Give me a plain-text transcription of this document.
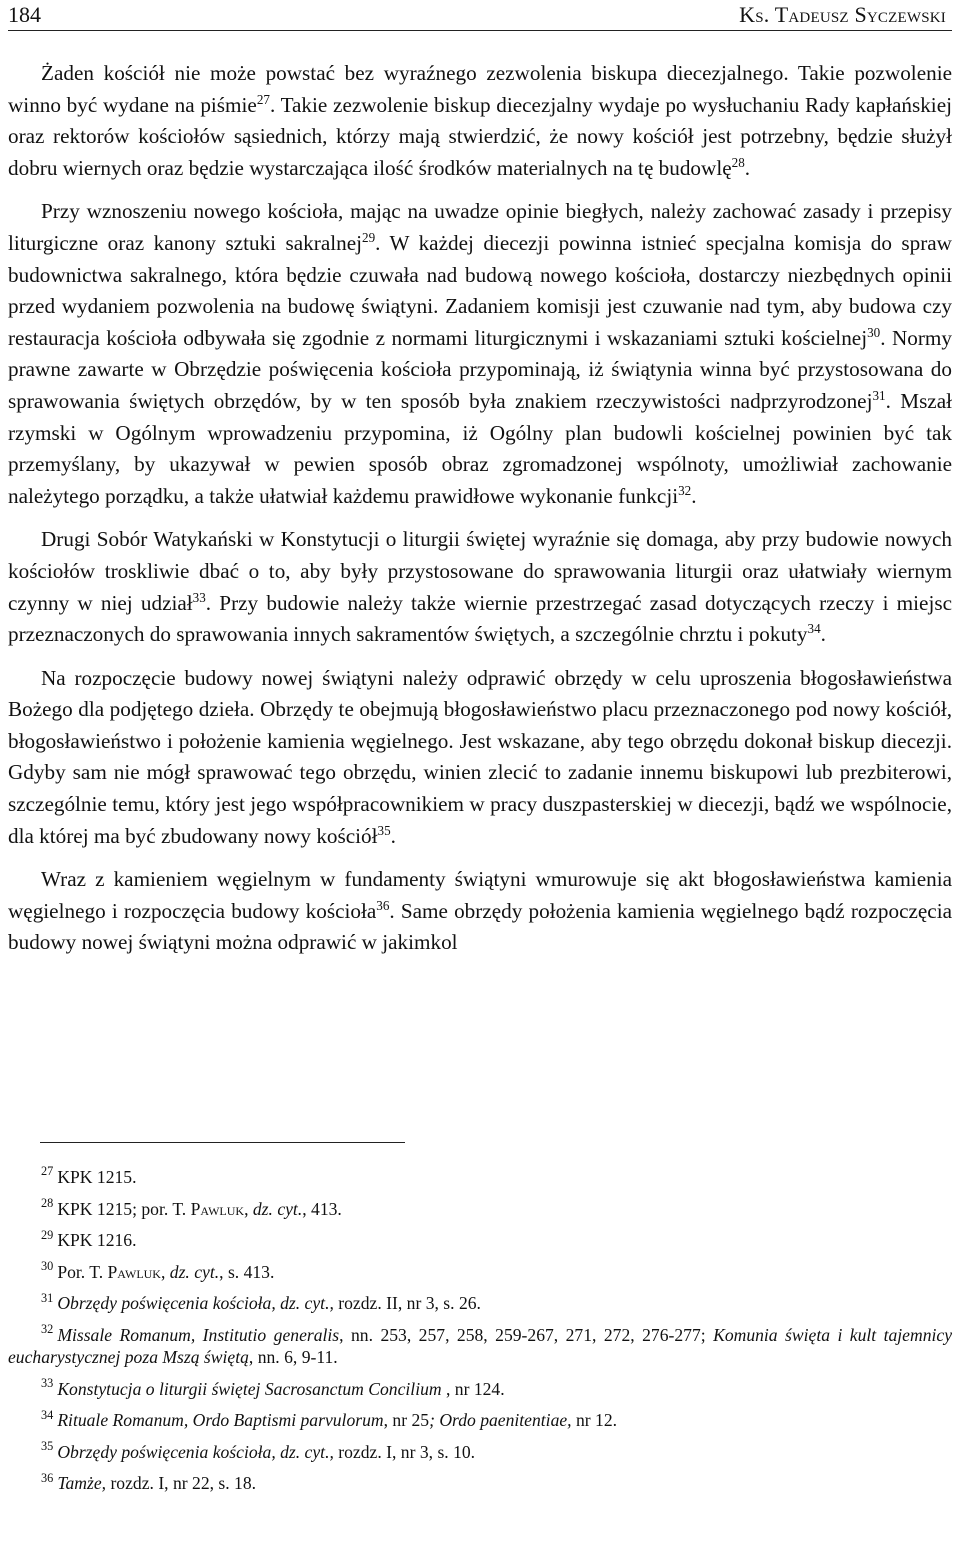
184	Ks. Tadeusz Syczewski

Żaden kościół nie może powstać bez wyraźnego zezwolenia biskupa diecezjalnego. Takie pozwolenie winno być wydane na piśmie$^{27}$. Takie zezwolenie biskup diecezjalny wydaje po wysłuchaniu Rady kapłańskiej oraz rektorów kościołów sąsiednich, którzy mają stwierdzić, że nowy kościół jest potrzebny, będzie służył dobru wiernych oraz będzie wystarczająca ilość środków materialnych na tę budowlę$^{28}$.

Przy wznoszeniu nowego kościoła, mając na uwadze opinie biegłych, należy zachować zasady i przepisy liturgiczne oraz kanony sztuki sakralnej$^{29}$. W każdej diecezji powinna istnieć specjalna komisja do spraw budownictwa sakralnego, która będzie czuwała nad budową nowego kościoła, dostarczy niezbędnych opinii przed wydaniem pozwolenia na budowę świątyni. Zadaniem komisji jest czuwanie nad tym, aby budowa czy restauracja kościoła odbywała się zgodnie z normami liturgicznymi i wskazaniami sztuki kościelnej$^{30}$. Normy prawne zawarte w Obrzędzie poświęcenia kościoła przypominają, iż świątynia winna być przystosowana do sprawowania świętych obrzędów, by w ten sposób była znakiem rzeczywistości nadprzyrodzonej$^{31}$. Mszał rzymski w Ogólnym wprowadzeniu przypomina, iż Ogólny plan budowli kościelnej powinien być tak przemyślany, by ukazywał w pewien sposób obraz zgromadzonej wspólnoty, umożliwiał zachowanie należytego porządku, a także ułatwiał każdemu prawidłowe wykonanie funkcji$^{32}$.

Drugi Sobór Watykański w Konstytucji o liturgii świętej wyraźnie się domaga, aby przy budowie nowych kościołów troskliwie dbać o to, aby były przystosowane do sprawowania liturgii oraz ułatwiały wiernym czynny w niej udział$^{33}$. Przy budowie należy także wiernie przestrzegać zasad dotyczących rzeczy i miejsc przeznaczonych do sprawowania innych sakramentów świętych, a szczególnie chrztu i pokuty$^{34}$.

Na rozpoczęcie budowy nowej świątyni należy odprawić obrzędy w celu uproszenia błogosławieństwa Bożego dla podjętego dzieła. Obrzędy te obejmują błogosławieństwo placu przeznaczonego pod nowy kościół, błogosławieństwo i położenie kamienia węgielnego. Jest wskazane, aby tego obrzędu dokonał biskup diecezji. Gdyby sam nie mógł sprawować tego obrzędu, winien zlecić to zadanie innemu biskupowi lub prezbiterowi, szczególnie temu, który jest jego współpracownikiem w pracy duszpasterskiej w diecezji, bądź we wspólnocie, dla której ma być zbudowany nowy kościół$^{35}$.

Wraz z kamieniem węgielnym w fundamenty świątyni wmurowuje się akt błogosławieństwa kamienia węgielnego i rozpoczęcia budowy kościoła$^{36}$. Same obrzędy położenia kamienia węgielnego bądź rozpoczęcia budowy nowej świątyni można odprawić w jakimkol

$^{27}$ KPK 1215.
$^{28}$ KPK 1215; por. T. Pawluk, dz. cyt., 413.
$^{29}$ KPK 1216.
$^{30}$ Por. T. Pawluk, dz. cyt., s. 413.
$^{31}$ Obrzędy poświęcenia kościoła, dz. cyt., rozdz. II, nr 3, s. 26.
$^{32}$ Missale Romanum, Institutio generalis, nn. 253, 257, 258, 259-267, 271, 272, 276-277; Komunia święta i kult tajemnicy eucharystycznej poza Mszą świętą, nn. 6, 9-11.
$^{33}$ Konstytucja o liturgii świętej Sacrosanctum Concilium , nr 124.
$^{34}$ Rituale Romanum, Ordo Baptismi parvulorum, nr 25; Ordo paenitentiae, nr 12.
$^{35}$ Obrzędy poświęcenia kościoła, dz. cyt., rozdz. I, nr 3, s. 10.
$^{36}$ Tamże, rozdz. I, nr 22, s. 18.
